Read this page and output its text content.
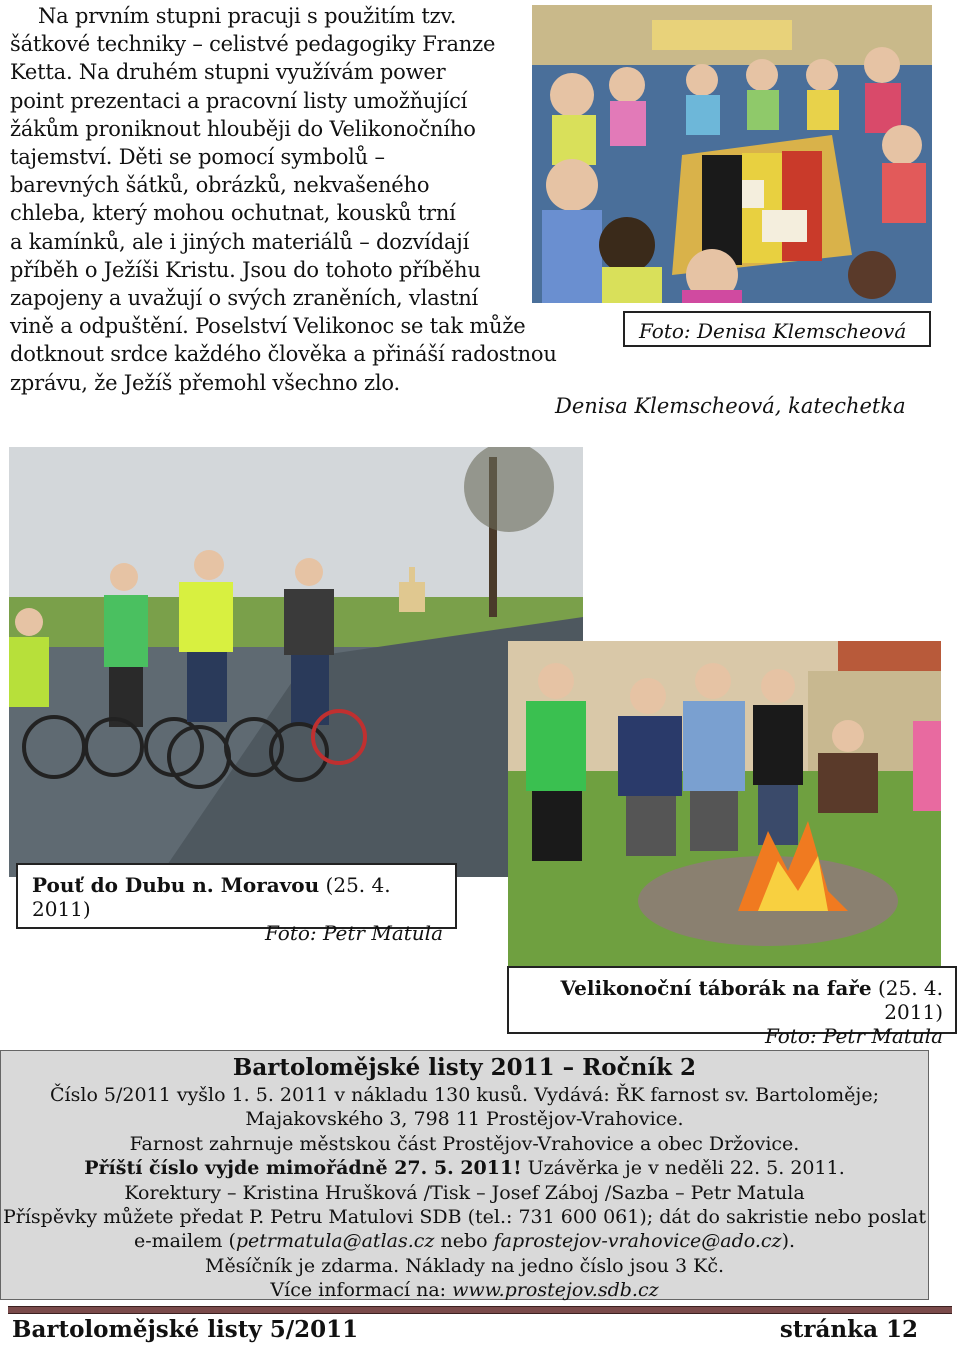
Na prvním stupni pracuji s použitím tzv.
šátkové techniky – celistvé pedagogiky Franze
Ketta. Na druhém stupni využívám power
point prezentaci a pracovní listy umožňující
žákům proniknout hlouběji do Velikonočního
tajemství. Děti se pomocí symbolů –
barevných šátků, obrázků, nekvašeného
chleba, který mohou ochutnat, kousků trní
a kamínků, ale i jiných materiálů – dozvídají
příběh o Ježíši Kristu. Jsou do tohoto příběhu
zapojeny a uvažují o svých zraněních, vlastní
vině a odpuštění. Poselství Velikonoc se tak může
dotknout srdce každého člověka a přináší radostnou
zprávu, že Ježíš přemohl všechno zlo.
Foto: Denisa Klemscheová
Denisa Klemscheová, katechetka
Pouť do Dubu n. Moravou (25. 4. 2011)
Foto: Petr Matula
Velikonoční táborák na faře (25. 4. 2011)
Foto: Petr Matula
Bartolomějské listy 2011 – Ročník 2
Číslo 5/2011 vyšlo 1. 5. 2011 v nákladu 130 kusů. Vydává: ŘK farnost sv. Bartoloměje;
Majakovského 3, 798 11 Prostějov-Vrahovice.
Farnost zahrnuje městskou část Prostějov-Vrahovice a obec Držovice.
Příští číslo vyjde mimořádně 27. 5. 2011! Uzávěrka je v neděli 22. 5. 2011.
Korektury – Kristina Hrušková /Tisk – Josef Záboj /Sazba – Petr Matula
Příspěvky můžete předat P. Petru Matulovi SDB (tel.: 731 600 061); dát do sakristie nebo poslat
e-mailem (petrmatula@atlas.cz nebo faprostejov-vrahovice@ado.cz).
Měsíčník je zdarma. Náklady na jedno číslo jsou 3 Kč.
Více informací na: www.prostejov.sdb.cz
Bartolomějské listy 5/2011	stránka 12
